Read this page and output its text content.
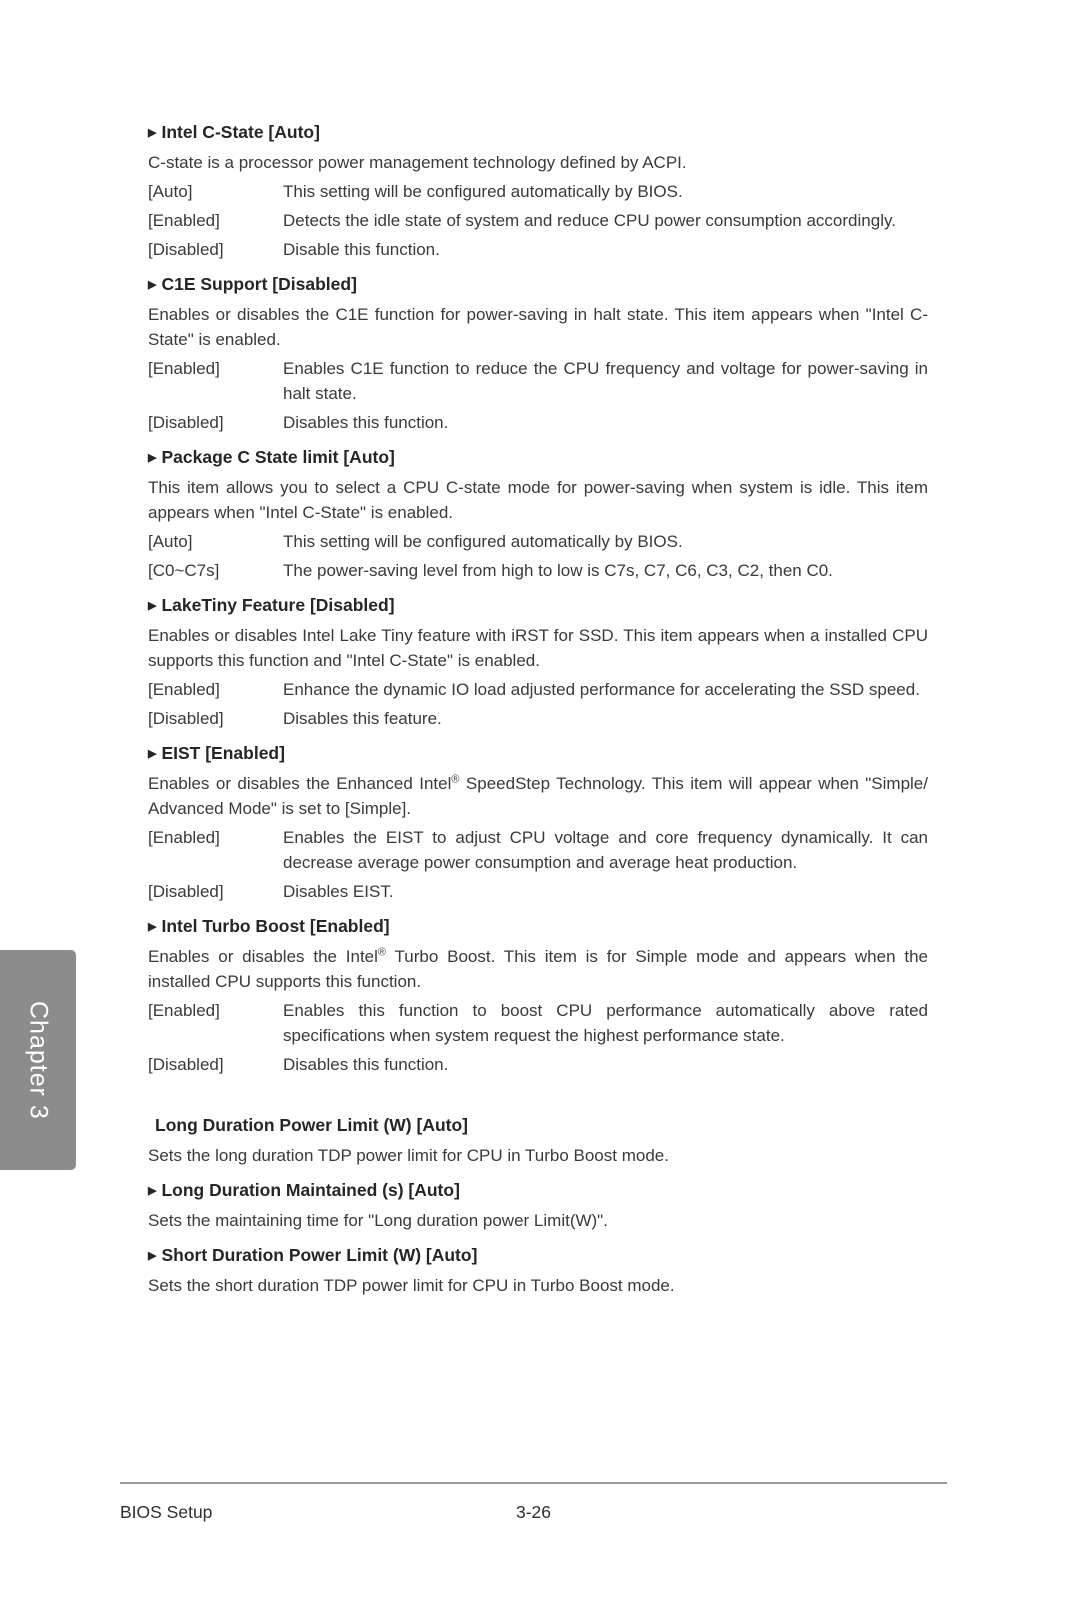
Chapter 3
▶ Intel C-State [Auto]

C-state is a processor power management technology defined by ACPI.

[Auto]	This setting will be configured automatically by BIOS.
[Enabled]	Detects the idle state of system and reduce CPU power consumption accordingly.
[Disabled]	Disable this function.
▶ C1E Support [Disabled]

Enables or disables the C1E function for power-saving in halt state. This item appears when "Intel C-State" is enabled.

[Enabled]	Enables C1E function to reduce the CPU frequency and voltage for power-saving in halt state.
[Disabled]	Disables this function.
▶ Package C State limit [Auto]

This item allows you to select a CPU C-state mode for power-saving when system is idle. This item appears when "Intel C-State" is enabled.

[Auto]	This setting will be configured automatically by BIOS.
[C0~C7s]	The power-saving level from high to low is C7s, C7, C6, C3, C2, then C0.
▶ LakeTiny Feature [Disabled]

Enables or disables Intel Lake Tiny feature with iRST for SSD. This item appears when a installed CPU supports this function and "Intel C-State" is enabled.

[Enabled]	Enhance the dynamic IO load adjusted performance for accelerating the SSD speed.
[Disabled]	Disables this feature.
▶ EIST [Enabled]

Enables or disables the Enhanced Intel® SpeedStep Technology. This item will appear when "Simple/ Advanced Mode" is set to [Simple].

[Enabled]	Enables the EIST to adjust CPU voltage and core frequency dynamically. It can decrease average power consumption and average heat production.
[Disabled]	Disables EIST.
▶ Intel Turbo Boost [Enabled]

Enables or disables the Intel® Turbo Boost. This item is for Simple mode and appears when the installed CPU supports this function.

[Enabled]	Enables this function to boost CPU performance automatically above rated specifications when system request the highest performance state.
[Disabled]	Disables this function.
Long Duration Power Limit (W) [Auto]

Sets the long duration TDP power limit for CPU in Turbo Boost mode.

▶ Long Duration Maintained (s) [Auto]

Sets the maintaining time for "Long duration power Limit(W)".

▶ Short Duration Power Limit (W) [Auto]

Sets the short duration TDP power limit for CPU in Turbo Boost mode.

BIOS Setup	3-26
